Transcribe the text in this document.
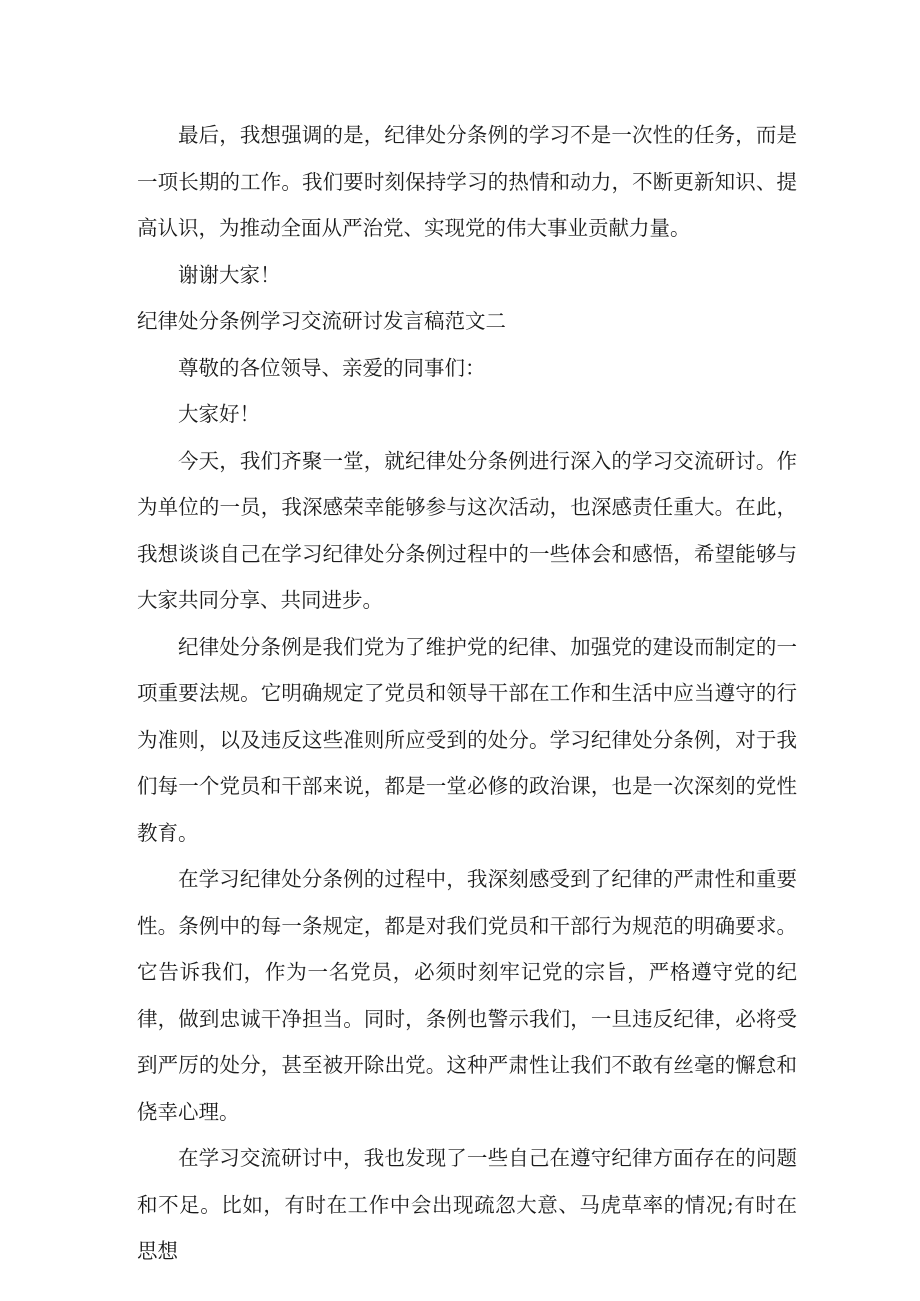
最后，我想强调的是，纪律处分条例的学习不是一次性的任务，而是一项长期的工作。我们要时刻保持学习的热情和动力，不断更新知识、提高认识，为推动全面从严治党、实现党的伟大事业贡献力量。

谢谢大家！

纪律处分条例学习交流研讨发言稿范文二

尊敬的各位领导、亲爱的同事们：

大家好！

今天，我们齐聚一堂，就纪律处分条例进行深入的学习交流研讨。作为单位的一员，我深感荣幸能够参与这次活动，也深感责任重大。在此，我想谈谈自己在学习纪律处分条例过程中的一些体会和感悟，希望能够与大家共同分享、共同进步。

纪律处分条例是我们党为了维护党的纪律、加强党的建设而制定的一项重要法规。它明确规定了党员和领导干部在工作和生活中应当遵守的行为准则，以及违反这些准则所应受到的处分。学习纪律处分条例，对于我们每一个党员和干部来说，都是一堂必修的政治课，也是一次深刻的党性教育。

在学习纪律处分条例的过程中，我深刻感受到了纪律的严肃性和重要性。条例中的每一条规定，都是对我们党员和干部行为规范的明确要求。它告诉我们，作为一名党员，必须时刻牢记党的宗旨，严格遵守党的纪律，做到忠诚干净担当。同时，条例也警示我们，一旦违反纪律，必将受到严厉的处分，甚至被开除出党。这种严肃性让我们不敢有丝毫的懈怠和侥幸心理。

在学习交流研讨中，我也发现了一些自己在遵守纪律方面存在的问题和不足。比如，有时在工作中会出现疏忽大意、马虎草率的情况;有时在思想
